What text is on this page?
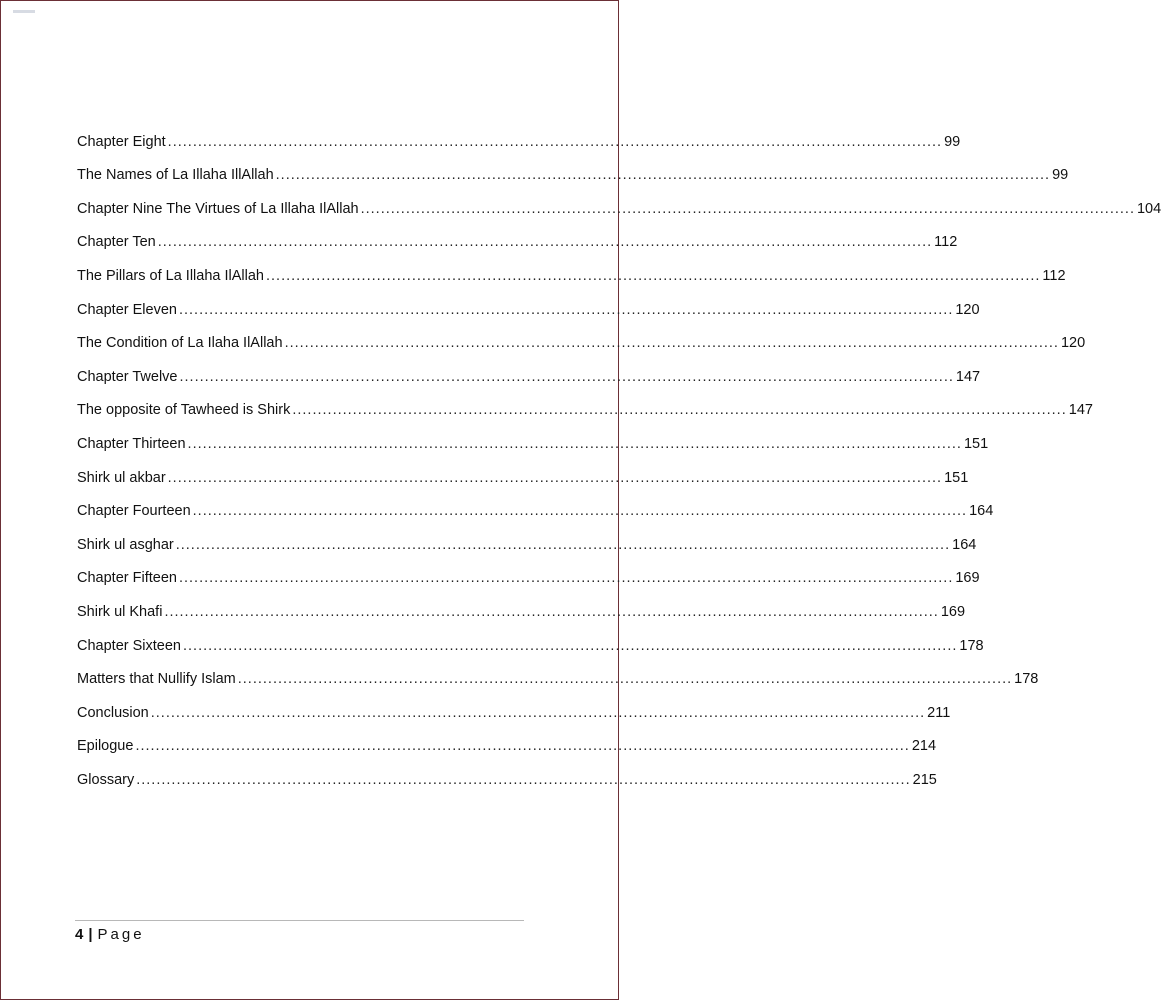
Chapter Eight .......................................................................................................................................................... 99
The Names of La Illaha IllAllah .......................................................................................................................................................... 99
Chapter Nine The Virtues of La Illaha IlAllah .......................................................................................................................................................... 104
Chapter Ten .......................................................................................................................................................... 112
The Pillars of La Illaha IlAllah .......................................................................................................................................................... 112
Chapter Eleven .......................................................................................................................................................... 120
The Condition of La Ilaha IlAllah .......................................................................................................................................................... 120
Chapter Twelve .......................................................................................................................................................... 147
The opposite of Tawheed is Shirk .......................................................................................................................................................... 147
Chapter Thirteen .......................................................................................................................................................... 151
Shirk ul akbar .......................................................................................................................................................... 151
Chapter Fourteen .......................................................................................................................................................... 164
Shirk ul asghar .......................................................................................................................................................... 164
Chapter Fifteen .......................................................................................................................................................... 169
Shirk ul Khafi .......................................................................................................................................................... 169
Chapter Sixteen .......................................................................................................................................................... 178
Matters that Nullify Islam .......................................................................................................................................................... 178
Conclusion .......................................................................................................................................................... 211
Epilogue .......................................................................................................................................................... 214
Glossary .......................................................................................................................................................... 215
4 | Page
